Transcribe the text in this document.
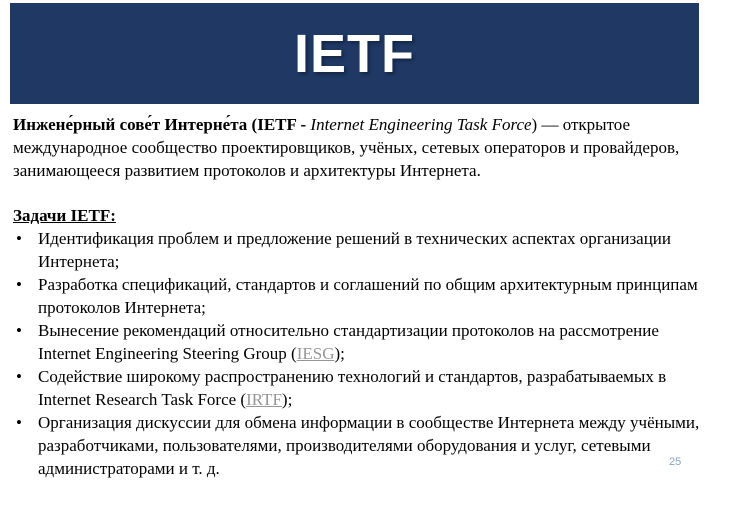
IETF

Инжене́рный сове́т Интерне́та (IETF - Internet Engineering Task Force) — открытое международное сообщество проектировщиков, учёных, сетевых операторов и провайдеров, занимающееся развитием протоколов и архитектуры Интернета.

Задачи IETF:

• Идентификация проблем и предложение решений в технических аспектах организации Интернета;
• Разработка спецификаций, стандартов и соглашений по общим архитектурным принципам протоколов Интернета;
• Вынесение рекомендаций относительно стандартизации протоколов на рассмотрение Internet Engineering Steering Group (IESG);
• Содействие широкому распространению технологий и стандартов, разрабатываемых в Internet Research Task Force (IRTF);
• Организация дискуссии для обмена информации в сообществе Интернета между учёными, разработчиками, пользователями, производителями оборудования и услуг, сетевыми администраторами и т. д.	25
